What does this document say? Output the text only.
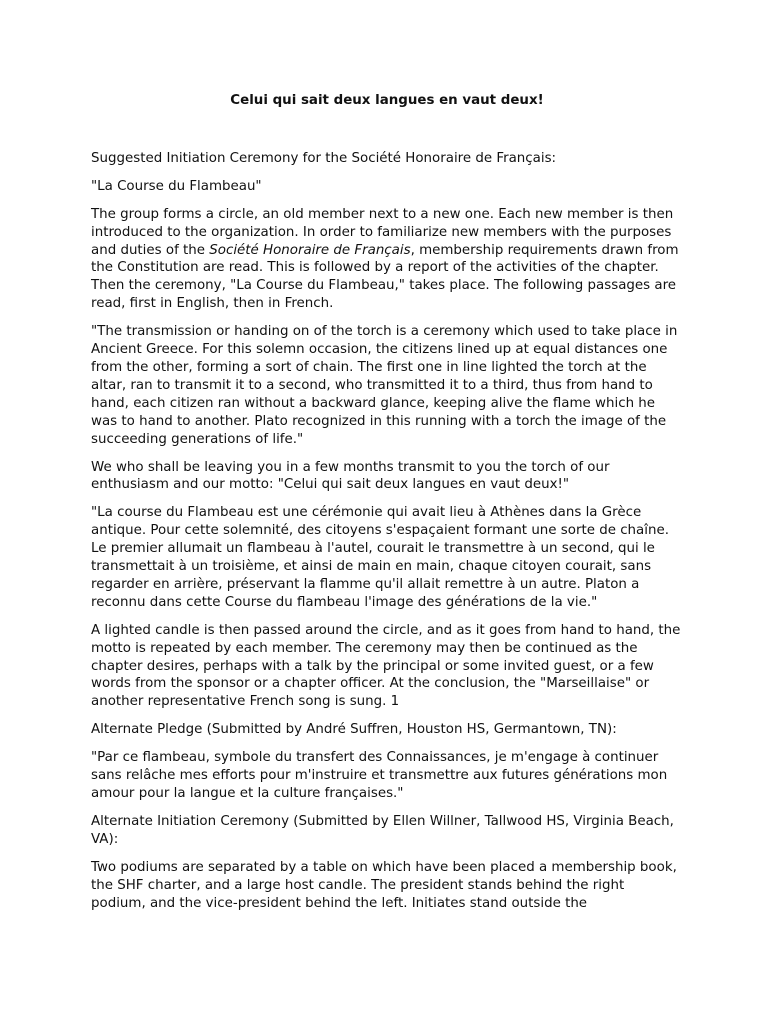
Celui qui sait deux langues en vaut deux!

Suggested Initiation Ceremony for the Société Honoraire de Français:

"La Course du Flambeau"

The group forms a circle, an old member next to a new one. Each new member is then introduced to the organization. In order to familiarize new members with the purposes and duties of the Société Honoraire de Français, membership requirements drawn from the Constitution are read. This is followed by a report of the activities of the chapter. Then the ceremony, "La Course du Flambeau," takes place. The following passages are read, first in English, then in French.

"The transmission or handing on of the torch is a ceremony which used to take place in Ancient Greece. For this solemn occasion, the citizens lined up at equal distances one from the other, forming a sort of chain. The first one in line lighted the torch at the altar, ran to transmit it to a second, who transmitted it to a third, thus from hand to hand, each citizen ran without a backward glance, keeping alive the flame which he was to hand to another. Plato recognized in this running with a torch the image of the succeeding generations of life."

We who shall be leaving you in a few months transmit to you the torch of our enthusiasm and our motto: "Celui qui sait deux langues en vaut deux!"

"La course du Flambeau est une cérémonie qui avait lieu à Athènes dans la Grèce antique. Pour cette solemnité, des citoyens s'espaçaient formant une sorte de chaîne. Le premier allumait un flambeau à l'autel, courait le transmettre à un second, qui le transmettait à un troisième, et ainsi de main en main, chaque citoyen courait, sans regarder en arrière, préservant la flamme qu'il allait remettre à un autre. Platon a reconnu dans cette Course du flambeau l'image des générations de la vie."

A lighted candle is then passed around the circle, and as it goes from hand to hand, the motto is repeated by each member. The ceremony may then be continued as the chapter desires, perhaps with a talk by the principal or some invited guest, or a few words from the sponsor or a chapter officer. At the conclusion, the "Marseillaise" or another representative French song is sung. 1

Alternate Pledge (Submitted by André Suffren, Houston HS, Germantown, TN):

"Par ce flambeau, symbole du transfert des Connaissances, je m'engage à continuer sans relâche mes efforts pour m'instruire et transmettre aux futures générations mon amour pour la langue et la culture françaises."

Alternate Initiation Ceremony (Submitted by Ellen Willner, Tallwood HS, Virginia Beach, VA):

Two podiums are separated by a table on which have been placed a membership book, the SHF charter, and a large host candle. The president stands behind the right podium, and the vice-president behind the left. Initiates stand outside the
